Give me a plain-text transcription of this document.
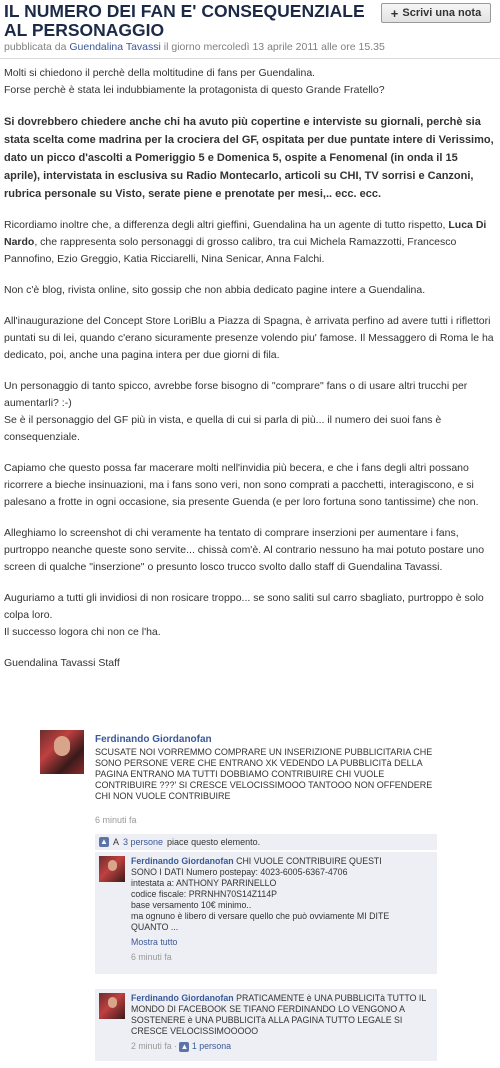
IL NUMERO DEI FAN E' CONSEQUENZIALE AL PERSONAGGIO
+ Scrivi una nota
pubblicata da Guendalina Tavassi il giorno mercoledì 13 aprile 2011 alle ore 15.35

Molti si chiedono il perchè della moltitudine di fans per Guendalina.
Forse perchè è stata lei indubbiamente la protagonista di questo Grande Fratello?

Si dovrebbero chiedere anche chi ha avuto più copertine e interviste su giornali, perchè sia stata scelta come madrina per la crociera del GF, ospitata per due puntate intere di Verissimo, dato un picco d'ascolti a Pomeriggio 5 e Domenica 5, ospite a Fenomenal (in onda il 15 aprile), intervistata in esclusiva su Radio Montecarlo, articoli su CHI, TV sorrisi e Canzoni, rubrica personale su Visto, serate piene e prenotate per mesi,.. ecc. ecc.

Ricordiamo inoltre che, a differenza degli altri gieffini, Guendalina ha un agente di tutto rispetto, Luca Di Nardo, che rappresenta solo personaggi di grosso calibro, tra cui Michela Ramazzotti, Francesco Pannofino, Ezio Greggio, Katia Ricciarelli, Nina Senicar, Anna Falchi.

Non c'è blog, rivista online, sito gossip che non abbia dedicato pagine intere a Guendalina.

All'inaugurazione del Concept Store LoriBlu a Piazza di Spagna, è arrivata perfino ad avere tutti i riflettori puntati su di lei, quando c'erano sicuramente presenze volendo piu' famose. Il Messaggero di Roma le ha dedicato, poi, anche una pagina intera per due giorni di fila.

Un personaggio di tanto spicco, avrebbe forse bisogno di "comprare" fans o di usare altri trucchi per aumentarli? :-)
Se è il personaggio del GF più in vista, e quella di cui si parla di più... il numero dei suoi fans è consequenziale.

Capiamo che questo possa far macerare molti nell'invidia più becera, e che i fans degli altri possano ricorrere a bieche insinuazioni, ma i fans sono veri, non sono comprati a pacchetti, interagiscono, e si palesano a frotte in ogni occasione, sia presente Guenda (e per loro fortuna sono tantissime) che non.

Alleghiamo lo screenshot di chi veramente ha tentato di comprare inserzioni per aumentare i fans, purtroppo neanche queste sono servite... chissà com'è. Al contrario nessuno ha mai potuto postare uno screen di qualche "inserzione" o presunto losco trucco svolto dallo staff di Guendalina Tavassi.

Auguriamo a tutti gli invidiosi di non rosicare troppo... se sono saliti sul carro sbagliato, purtroppo è solo colpa loro.
Il successo logora chi non ce l'ha.

Guendalina Tavassi Staff

Ferdinando Giordanofan
SCUSATE NOI VORREMMO COMPRARE UN INSERIZIONE PUBBLICITARIA CHE SONO PERSONE VERE CHE ENTRANO XK VEDENDO LA PUBBLICITà DELLA PAGINA ENTRANO MA TUTTI DOBBIAMO CONTRIBUIRE CHI VUOLE CONTRIBUIRE ???' SI CRESCE VELOCISSIMOOO TANTOOO NON OFFENDERE CHI NON VUOLE CONTRIBUIRE
6 minuti fa
▲ A 3 persone piace questo elemento.
Ferdinando Giordanofan CHI VUOLE CONTRIBUIRE QUESTI
SONO I DATI Numero postepay: 4023-6005-6367-4706
intestata a: ANTHONY PARRINELLO
codice fiscale: PRRNHN70S14Z114P
base versamento 10€ minimo..
ma ognuno è libero di versare quello che può ovviamente MI DITE
QUANTO ...
Mostra tutto
6 minuti fa
Ferdinando Giordanofan PRATICAMENTE è UNA PUBBLICITà TUTTO IL MONDO DI FACEBOOK SE TIFANO FERDINANDO LO VENGONO A SOSTENERE è UNA PUBBLICITà ALLA PAGINA TUTTO LEGALE SI CRESCE VELOCISSIMOOOOO
2 minuti fa · ▲ 1 persona
